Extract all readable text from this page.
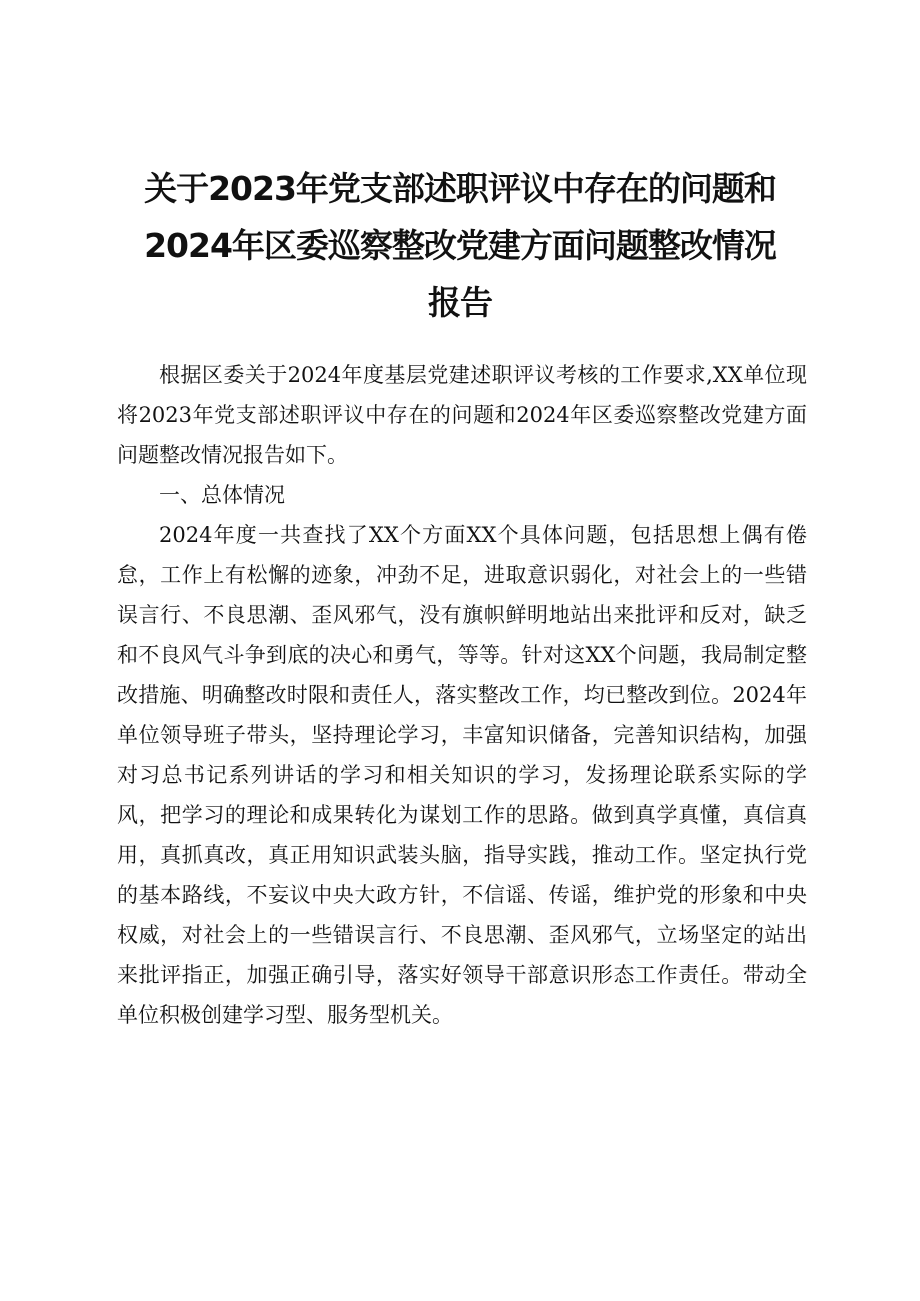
关于2023年党支部述职评议中存在的问题和
2024年区委巡察整改党建方面问题整改情况
报告

根据区委关于2024年度基层党建述职评议考核的工作要求,XX单位现将2023年党支部述职评议中存在的问题和2024年区委巡察整改党建方面问题整改情况报告如下。

一、总体情况

2024年度一共查找了XX个方面XX个具体问题，包括思想上偶有倦怠，工作上有松懈的迹象，冲劲不足，进取意识弱化，对社会上的一些错误言行、不良思潮、歪风邪气，没有旗帜鲜明地站出来批评和反对，缺乏和不良风气斗争到底的决心和勇气，等等。针对这XX个问题，我局制定整改措施、明确整改时限和责任人，落实整改工作，均已整改到位。2024年单位领导班子带头，坚持理论学习，丰富知识储备，完善知识结构，加强对习总书记系列讲话的学习和相关知识的学习，发扬理论联系实际的学风，把学习的理论和成果转化为谋划工作的思路。做到真学真懂，真信真用，真抓真改，真正用知识武装头脑，指导实践，推动工作。坚定执行党的基本路线，不妄议中央大政方针，不信谣、传谣，维护党的形象和中央权威，对社会上的一些错误言行、不良思潮、歪风邪气，立场坚定的站出来批评指正，加强正确引导，落实好领导干部意识形态工作责任。带动全单位积极创建学习型、服务型机关。
